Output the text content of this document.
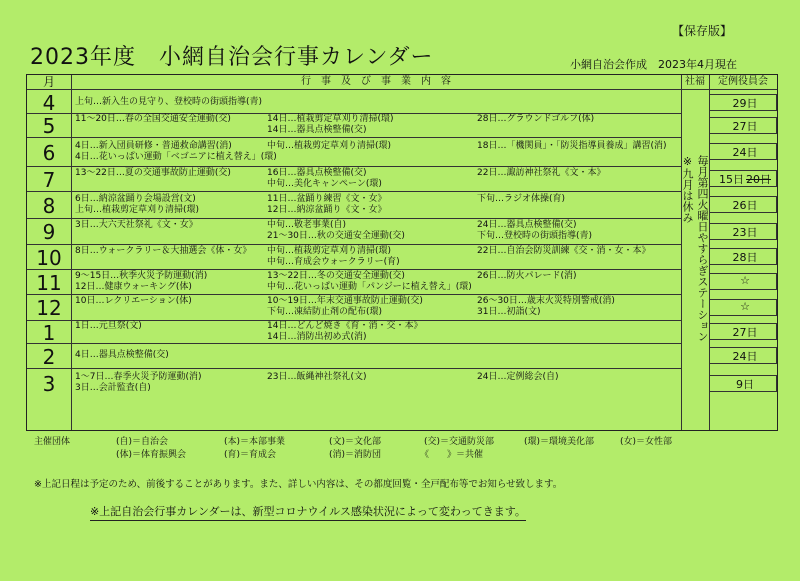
2023年度　小網自治会行事カレンダー
【保存版】
小網自治会作成　2023年4月現在
月	行　事　及　び　事　業　内　容	社福	定例役員会
4	上旬…新入生の見守り、登校時の街頭指導(青)	29日
5	11～20日…春の全国交通安全運動(交)	14日…植栽剪定草刈り清掃(環)	28日…グラウンドゴルフ(体)
14日…器具点検整備(交)	27日
6	4日…新入団員研修・普通救命講習(消)	中旬…植栽剪定草刈り清掃(環)	18日…「機関員」・「防災指導員養成」講習(消)
4日…花いっぱい運動「ベゴニアに植え替え」(環)	24日
7	13～22日…夏の交通事故防止運動(交)	16日…器具点検整備(交)	22日…諏訪神社祭礼《文・本》
中旬…美化キャンペーン(環)	15日 20日
8	6日…納涼盆踊り会場設営(文)	11日…盆踊り練習《文・女》	下旬…ラジオ体操(育)
上旬…植栽剪定草刈り清掃(環)	12日…納涼盆踊り《文・女》	26日
9	3日…大六天社祭礼《文・女》	中旬…敬老事業(自)	24日…器具点検整備(交)
21～30日…秋の交通安全運動(交)	下旬…登校時の街頭指導(青)	23日
10	8日…ウォークラリー＆大抽選会《体・女》 中旬…植栽剪定草刈り清掃(環)	22日…自治会防災訓練《交・消・女・本》
中旬…育成会ウォークラリー(育)	28日
11	9～15日…秋季火災予防運動(消)	13～22日…冬の交通安全運動(交)	26日…防火パレード(消)
12日…健康ウォーキング(体)	中旬…花いっぱい運動「パンジーに植え替え」(環)	☆
12	10日…レクリエーション(体)	10～19日…年末交通事故防止運動(交)	26～30日…歳末火災特別警戒(消)
下旬…凍結防止剤の配布(環)	31日…初詣(文)	☆
1	1日…元旦祭(文)	14日…どんど焼き《育・消・交・本》
14日…消防出初め式(消)	27日
2	4日…器具点検整備(交)	24日
3	1～7日…春季火災予防運動(消)	23日…飯縄神社祭礼(文)	24日…定例総会(自)
3日…会計監査(自)	9日
毎月第四火曜日やすらぎステーション
※九月は休み
主催団体	(自)＝自治会	(本)＝本部事業	(文)＝文化部	(交)＝交通防災部	(環)＝環境美化部	(女)＝女性部
(体)＝体育振興会	(育)＝育成会	(消)＝消防団	《　　》＝共催
※上記日程は予定のため、前後することがあります。また、詳しい内容は、その都度回覧・全戸配布等でお知らせ致します。
※上記自治会行事カレンダーは、新型コロナウイルス感染状況によって変わってきます。
